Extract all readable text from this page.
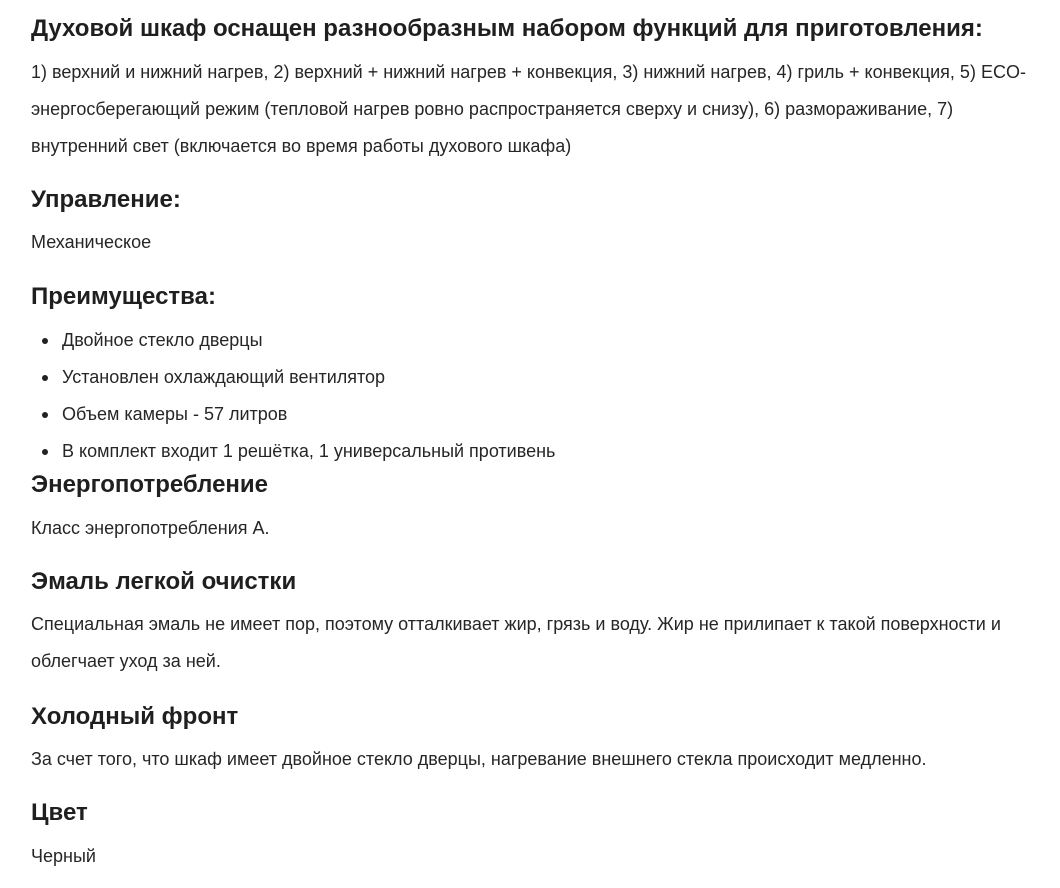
Духовой шкаф оснащен разнообразным набором функций для приготовления:

1) верхний и нижний нагрев, 2) верхний + нижний нагрев + конвекция, 3) нижний нагрев, 4) гриль + конвекция, 5) ECO-энергосберегающий режим (тепловой нагрев ровно распространяется сверху и снизу), 6) размораживание, 7) внутренний свет (включается во время работы духового шкафа)

Управление:

Механическое

Преимущества:
Двойное стекло дверцы
Установлен охлаждающий вентилятор
Объем камеры - 57 литров
В комплект входит 1 решётка, 1 универсальный противень
Энергопотребление

Класс энергопотребления А.

Эмаль легкой очистки

Специальная эмаль не имеет пор, поэтому отталкивает жир, грязь и воду. Жир не прилипает к такой поверхности и облегчает уход за ней.

Холодный фронт

За счет того, что шкаф имеет двойное стекло дверцы, нагревание внешнего стекла происходит медленно.

Цвет

Черный
